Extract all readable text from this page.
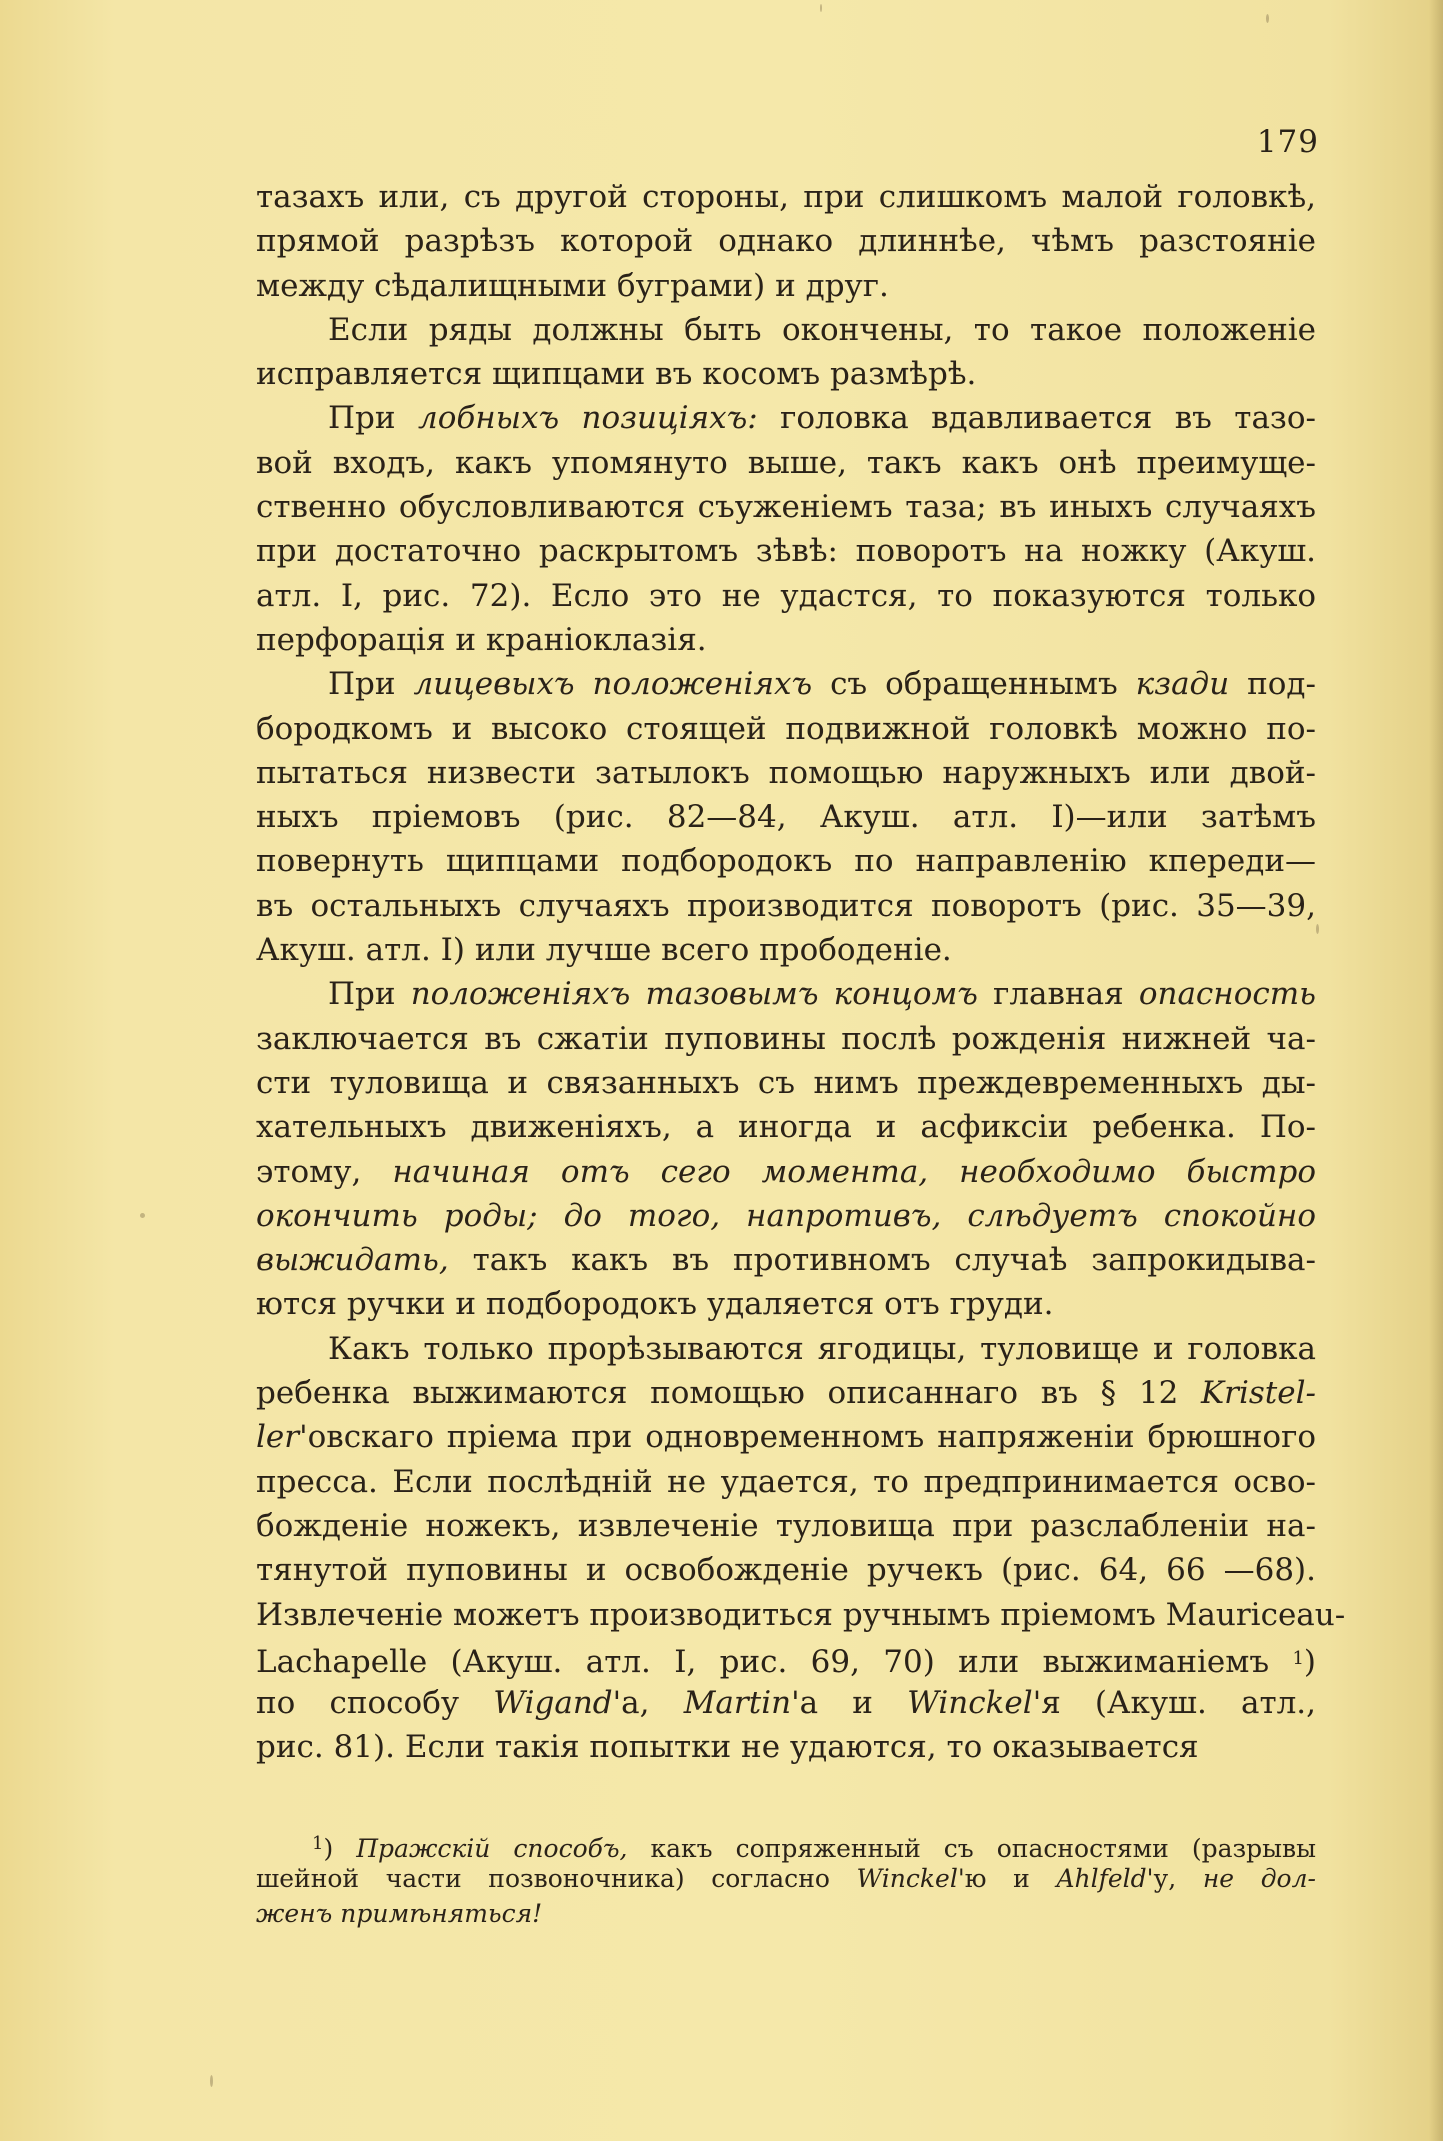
179
тазахъ или, съ другой стороны, при слишкомъ малой головкѣ,
прямой разрѣзъ которой однако длиннѣе, чѣмъ разстояніе
между сѣдалищными буграми) и друг.
Если ряды должны быть окончены, то такое положеніе
исправляется щипцами въ косомъ размѣрѣ.
При лобныхъ позиціяхъ: головка вдавливается въ тазо-
вой входъ, какъ упомянуто выше, такъ какъ онѣ преимуще-
ственно обусловливаются съуженіемъ таза; въ иныхъ случаяхъ
при достаточно раскрытомъ зѣвѣ: поворотъ на ножку (Акуш.
атл. I, рис. 72). Есло это не удастся, то показуются только
перфорація и краніоклазія.
При лицевыхъ положеніяхъ съ обращеннымъ кзади под-
бородкомъ и высоко стоящей подвижной головкѣ можно по-
пытаться низвести затылокъ помощью наружныхъ или двой-
ныхъ пріемовъ (рис. 82—84, Акуш. атл. I)—или затѣмъ
повернуть щипцами подбородокъ по направленію кпереди—
въ остальныхъ случаяхъ производится поворотъ (рис. 35—39,
Акуш. атл. I) или лучше всего прободеніе.
При положеніяхъ тазовымъ концомъ главная опасность
заключается въ сжатіи пуповины послѣ рожденія нижней ча-
сти туловища и связанныхъ съ нимъ преждевременныхъ ды-
хательныхъ движеніяхъ, а иногда и асфиксіи ребенка. По-
этому, начиная отъ сего момента, необходимо быстро
окончить роды; до того, напротивъ, слѣдуетъ спокойно
выжидать, такъ какъ въ противномъ случаѣ запрокидыва-
ются ручки и подбородокъ удаляется отъ груди.
Какъ только прорѣзываются ягодицы, туловище и головка
ребенка выжимаются помощью описаннаго въ § 12 Kristel-
ler'овскаго пріема при одновременномъ напряженіи брюшного
пресса. Если послѣдній не удается, то предпринимается осво-
божденіе ножекъ, извлеченіе туловища при разслабленіи на-
тянутой пуповины и освобожденіе ручекъ (рис. 64, 66 —68).
Извлеченіе можетъ производиться ручнымъ пріемомъ Mauriceau-
Lachapelle (Акуш. атл. I, рис. 69, 70) или выжиманіемъ $^1$)
по способу Wigand'а, Martin'а и Winckel'я (Акуш. атл.,
рис. 81). Если такія попытки не удаются, то оказывается
$^1$) Пражскій способъ, какъ сопряженный съ опасностями (разрывы
шейной части позвоночника) согласно Winckel'ю и Ahlfeld'у, не дол-
женъ примѣняться!
